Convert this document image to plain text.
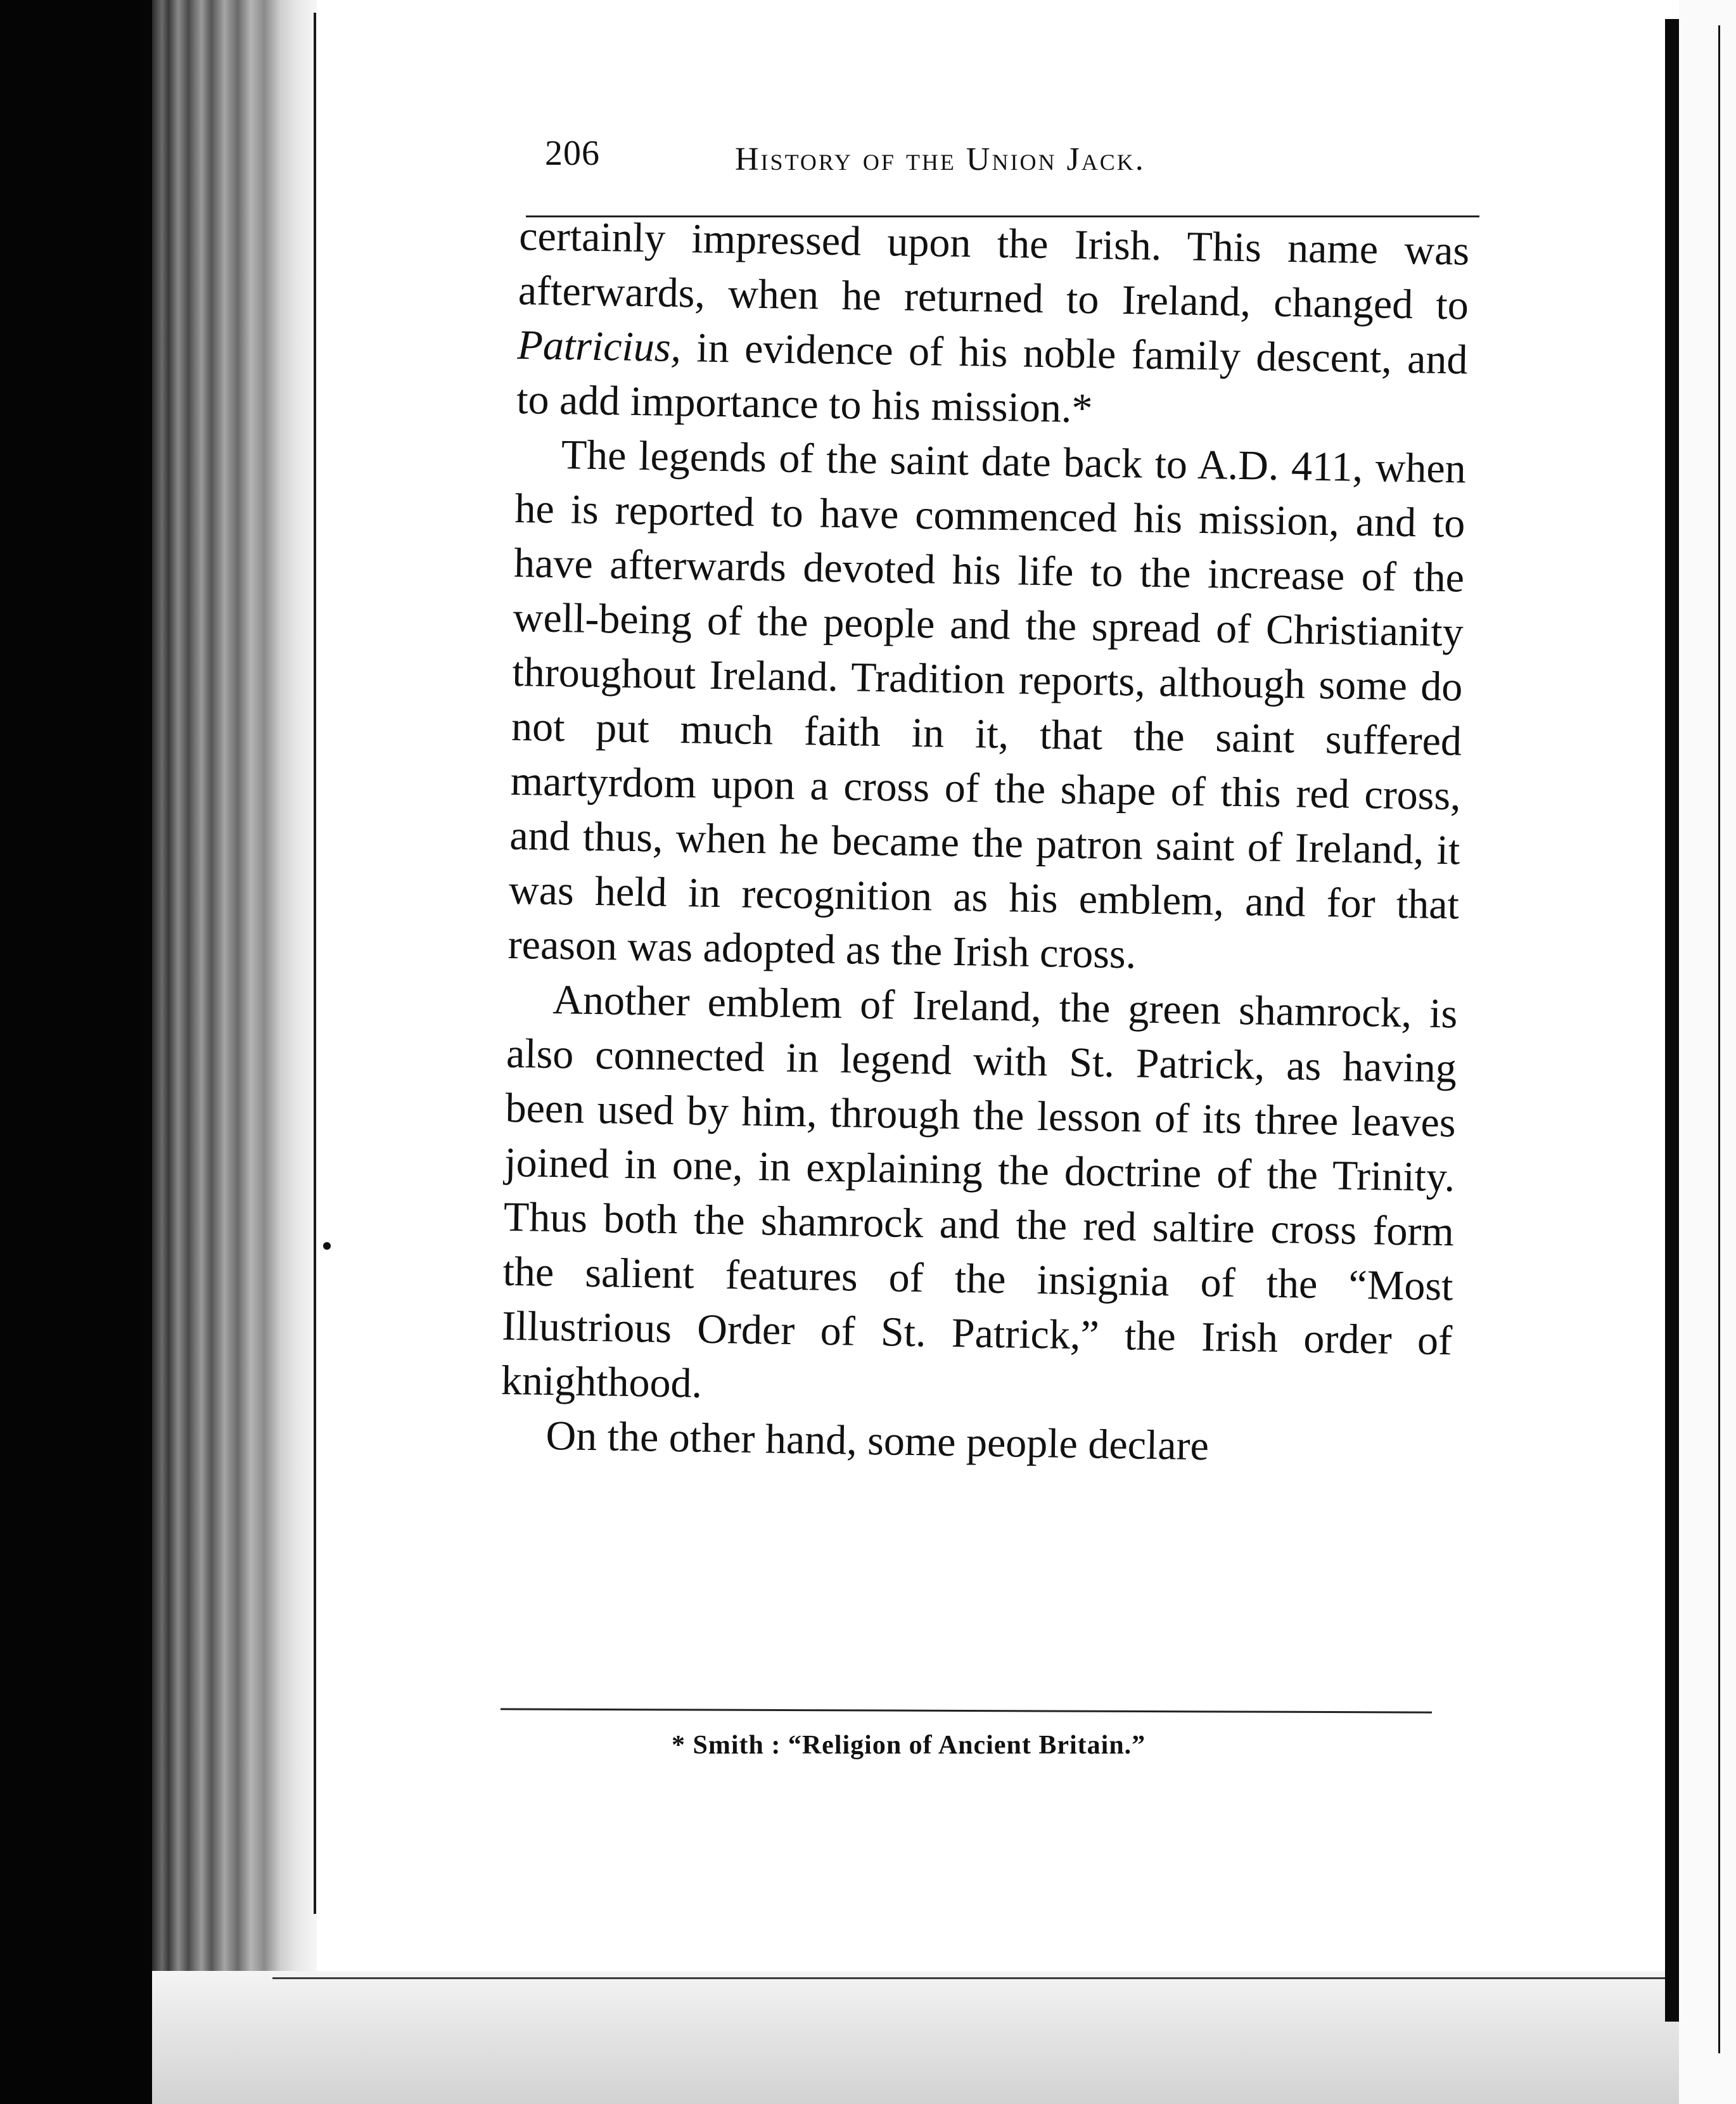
206	History of the Union Jack.

certainly impressed upon the Irish. This name was afterwards, when he returned to Ireland, changed to Patricius, in evidence of his noble family descent, and to add importance to his mission.*

The legends of the saint date back to A.D. 411, when he is reported to have commenced his mission, and to have afterwards devoted his life to the increase of the well-being of the people and the spread of Christianity throughout Ireland. Tradition reports, although some do not put much faith in it, that the saint suffered martyrdom upon a cross of the shape of this red cross, and thus, when he became the patron saint of Ireland, it was held in recognition as his emblem, and for that reason was adopted as the Irish cross.

Another emblem of Ireland, the green shamrock, is also connected in legend with St. Patrick, as having been used by him, through the lesson of its three leaves joined in one, in explaining the doctrine of the Trinity. Thus both the shamrock and the red saltire cross form the salient features of the insignia of the “Most Illustrious Order of St. Patrick,” the Irish order of knighthood.

On the other hand, some people declare

* Smith : “Religion of Ancient Britain.”
